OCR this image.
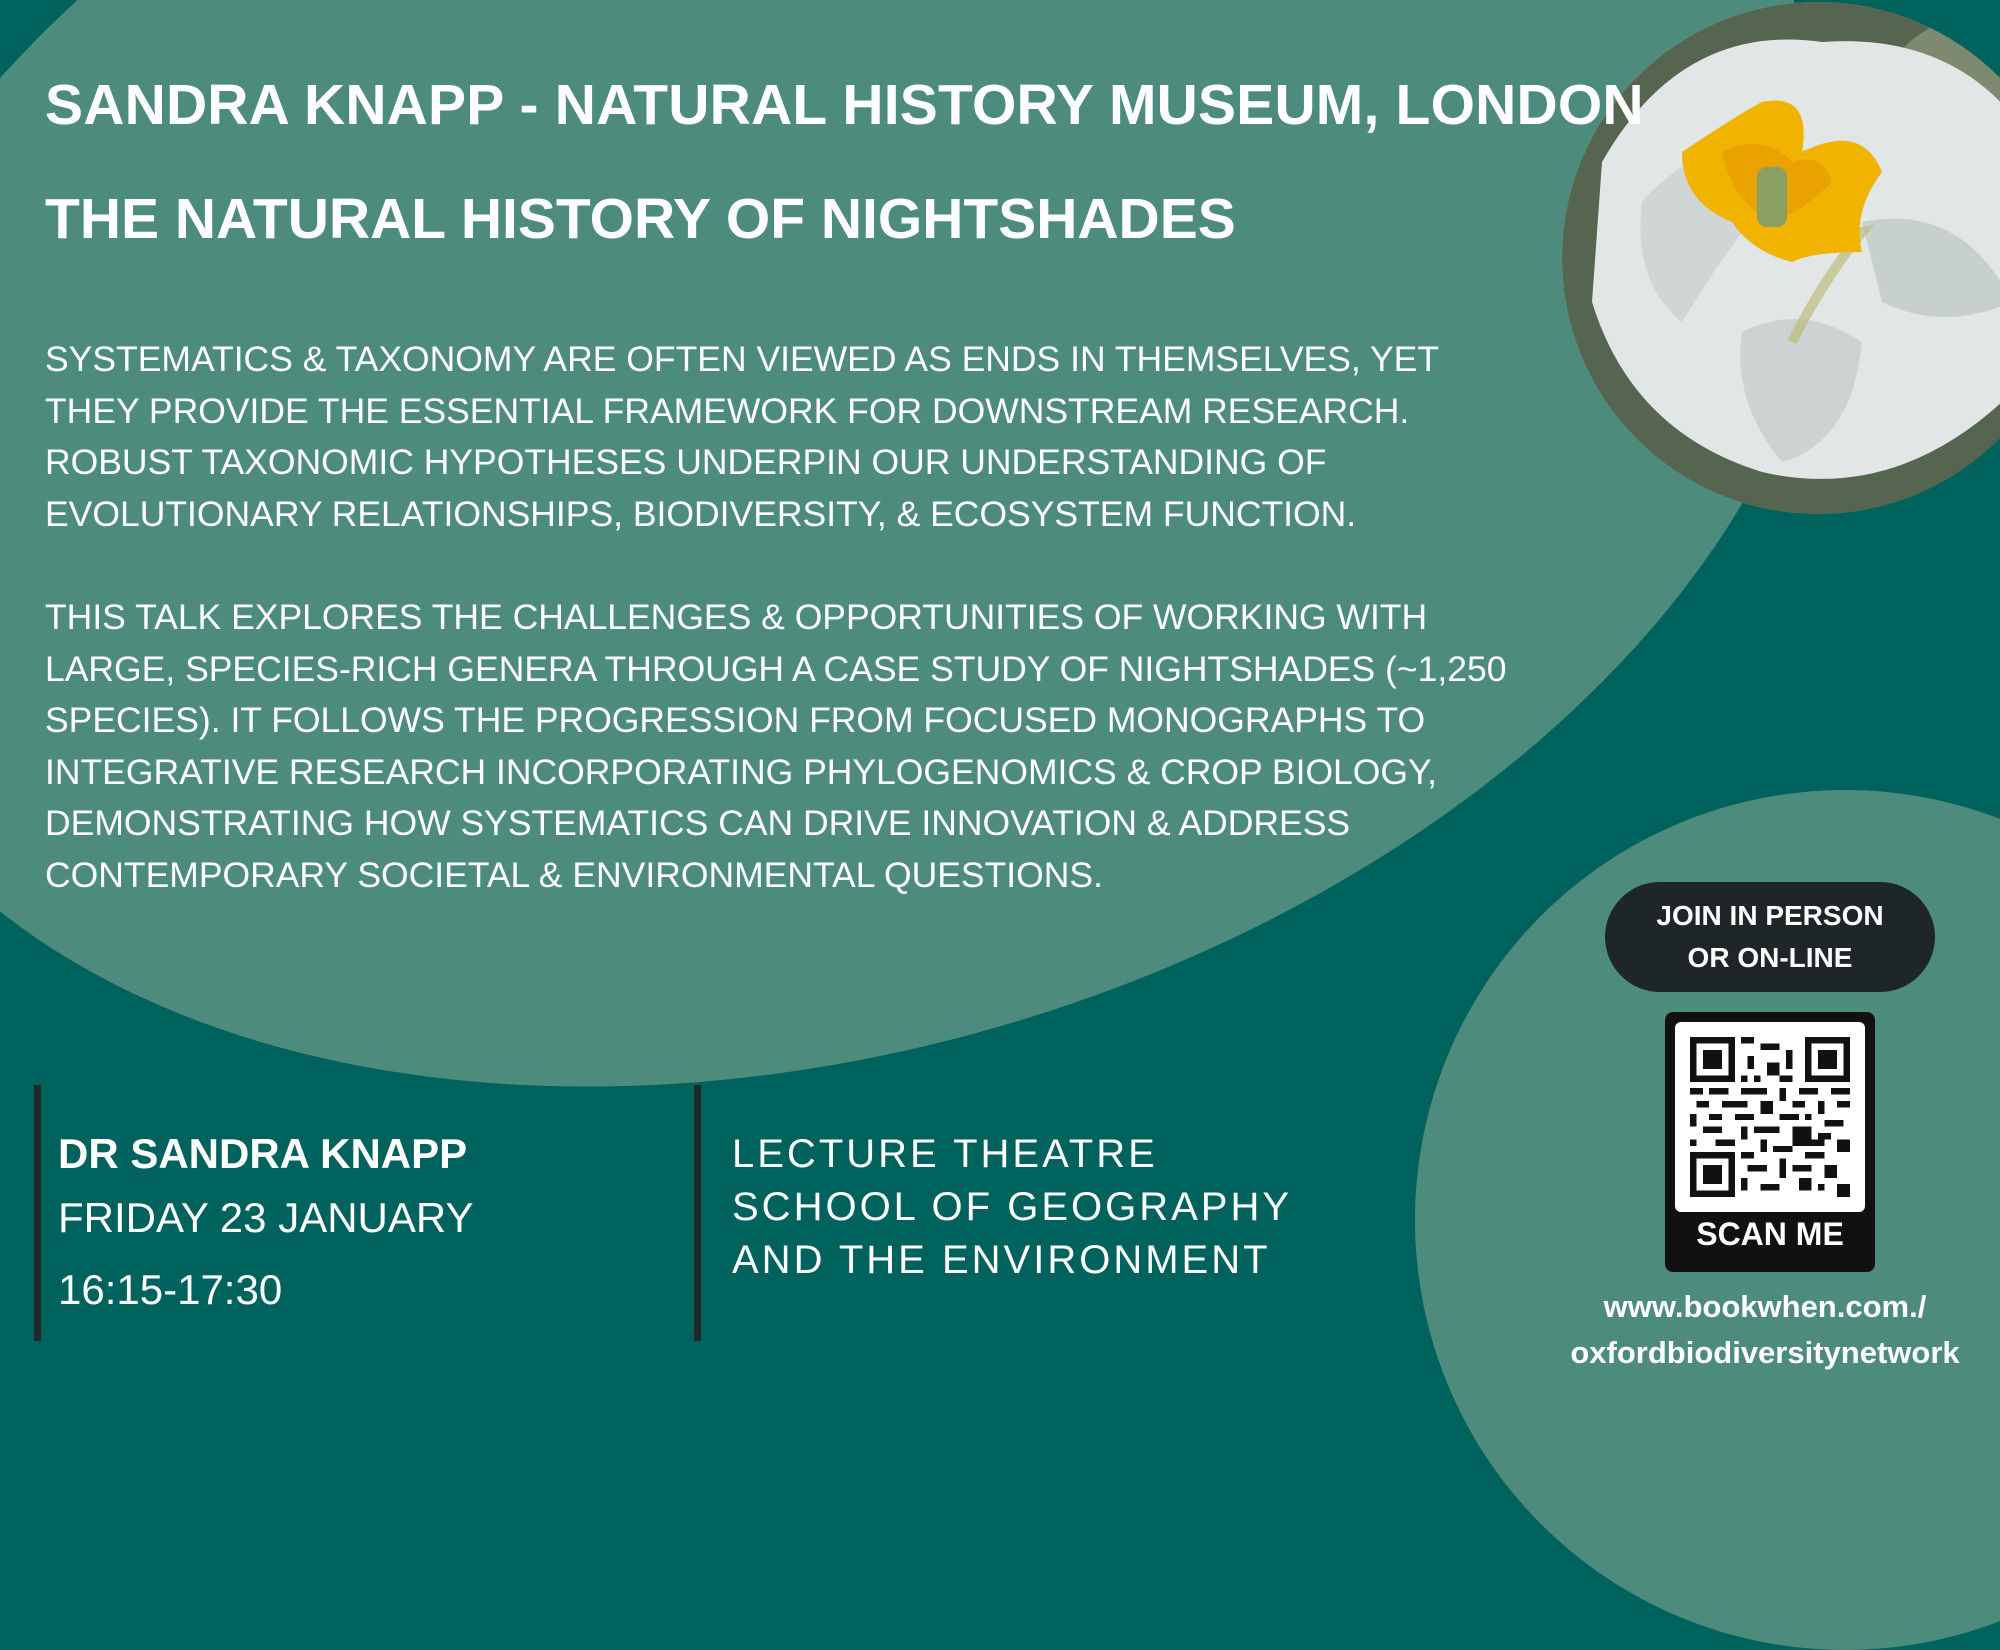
SANDRA KNAPP - NATURAL HISTORY MUSEUM, LONDON
THE NATURAL HISTORY OF NIGHTSHADES
SYSTEMATICS & TAXONOMY ARE OFTEN VIEWED AS ENDS IN THEMSELVES, YET
THEY PROVIDE THE ESSENTIAL FRAMEWORK FOR DOWNSTREAM RESEARCH.
ROBUST TAXONOMIC HYPOTHESES UNDERPIN OUR UNDERSTANDING OF
EVOLUTIONARY RELATIONSHIPS, BIODIVERSITY, & ECOSYSTEM FUNCTION.
THIS TALK EXPLORES THE CHALLENGES & OPPORTUNITIES OF WORKING WITH
LARGE, SPECIES-RICH GENERA THROUGH A CASE STUDY OF NIGHTSHADES (~1,250
SPECIES). IT FOLLOWS THE PROGRESSION FROM FOCUSED MONOGRAPHS TO
INTEGRATIVE RESEARCH INCORPORATING PHYLOGENOMICS & CROP BIOLOGY,
DEMONSTRATING HOW SYSTEMATICS CAN DRIVE INNOVATION & ADDRESS
CONTEMPORARY SOCIETAL & ENVIRONMENTAL QUESTIONS.
DR SANDRA KNAPP
FRIDAY 23 JANUARY
16:15-17:30
LECTURE THEATRE
SCHOOL OF GEOGRAPHY
AND THE ENVIRONMENT
JOIN IN PERSON
OR ON-LINE
SCAN ME
www.bookwhen.com./
oxfordbiodiversitynetwork
